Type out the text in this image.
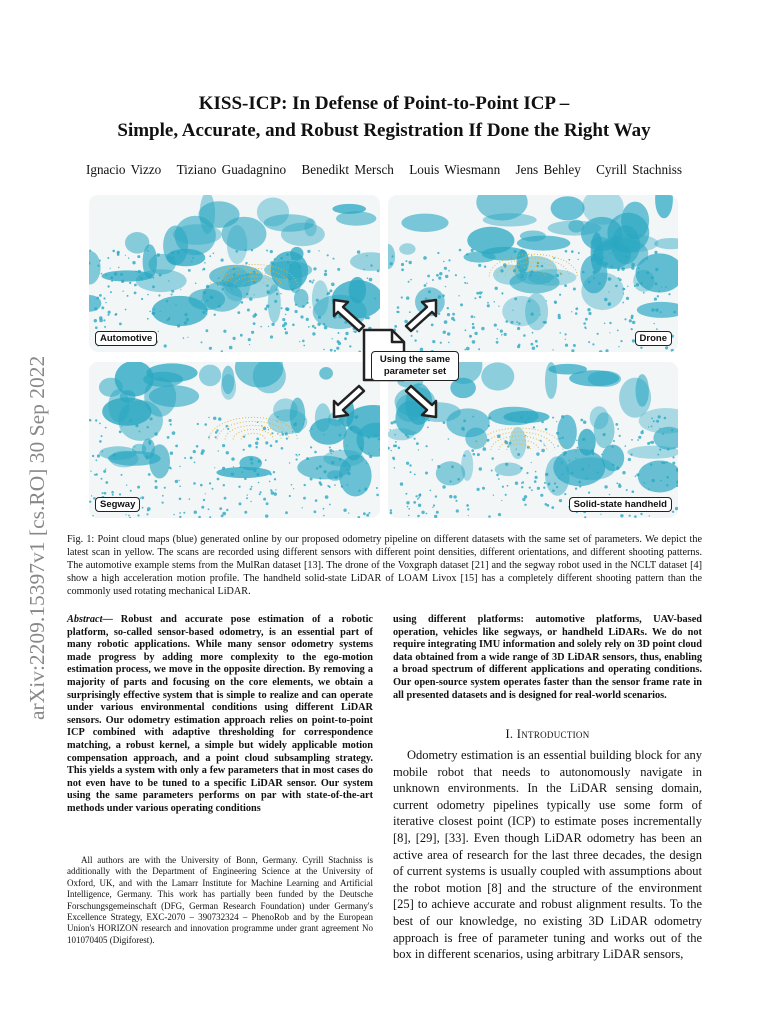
arXiv:2209.15397v1 [cs.RO] 30 Sep 2022
KISS-ICP: In Defense of Point-to-Point ICP –
Simple, Accurate, and Robust Registration If Done the Right Way
Ignacio Vizzo Tiziano Guadagnino Benedikt Mersch Louis Wiesmann Jens Behley Cyrill Stachniss
Automotive	Drone
Segway	Solid-state handheld
Using the same parameter set
Fig. 1: Point cloud maps (blue) generated online by our proposed odometry pipeline on different datasets with the same set of parameters. We depict the latest scan in yellow. The scans are recorded using different sensors with different point densities, different orientations, and different shooting patterns. The automotive example stems from the MulRan dataset [13]. The drone of the Voxgraph dataset [21] and the segway robot used in the NCLT dataset [4] show a high acceleration motion profile. The handheld solid-state LiDAR of LOAM Livox [15] has a completely different shooting pattern than the commonly used rotating mechanical LiDAR.
Abstract— Robust and accurate pose estimation of a robotic platform, so-called sensor-based odometry, is an essential part of many robotic applications. While many sensor odometry systems made progress by adding more complexity to the ego-motion estimation process, we move in the opposite direction. By removing a majority of parts and focusing on the core elements, we obtain a surprisingly effective system that is simple to realize and can operate under various environmental conditions using different LiDAR sensors. Our odometry estimation approach relies on point-to-point ICP combined with adaptive thresholding for correspondence matching, a robust kernel, a simple but widely applicable motion compensation approach, and a point cloud subsampling strategy. This yields a system with only a few parameters that in most cases do not even have to be tuned to a specific LiDAR sensor. Our system using the same parameters performs on par with state-of-the-art methods under various operating conditions
using different platforms: automotive platforms, UAV-based operation, vehicles like segways, or handheld LiDARs. We do not require integrating IMU information and solely rely on 3D point cloud data obtained from a wide range of 3D LiDAR sensors, thus, enabling a broad spectrum of different applications and operating conditions. Our open-source system operates faster than the sensor frame rate in all presented datasets and is designed for real-world scenarios.
I. Introduction
Odometry estimation is an essential building block for any mobile robot that needs to autonomously navigate in unknown environments. In the LiDAR sensing domain, current odometry pipelines typically use some form of iterative closest point (ICP) to estimate poses incrementally [8], [29], [33]. Even though LiDAR odometry has been an active area of research for the last three decades, the design of current systems is usually coupled with assumptions about the robot motion [8] and the structure of the environment [25] to achieve accurate and robust alignment results. To the best of our knowledge, no existing 3D LiDAR odometry approach is free of parameter tuning and works out of the box in different scenarios, using arbitrary LiDAR sensors,
All authors are with the University of Bonn, Germany. Cyrill Stachniss is additionally with the Department of Engineering Science at the University of Oxford, UK, and with the Lamarr Institute for Machine Learning and Artificial Intelligence, Germany. This work has partially been funded by the Deutsche Forschungsgemeinschaft (DFG, German Research Foundation) under Germany's Excellence Strategy, EXC-2070 – 390732324 – PhenoRob and by the European Union's HORIZON research and innovation programme under grant agreement No 101070405 (Digiforest).
